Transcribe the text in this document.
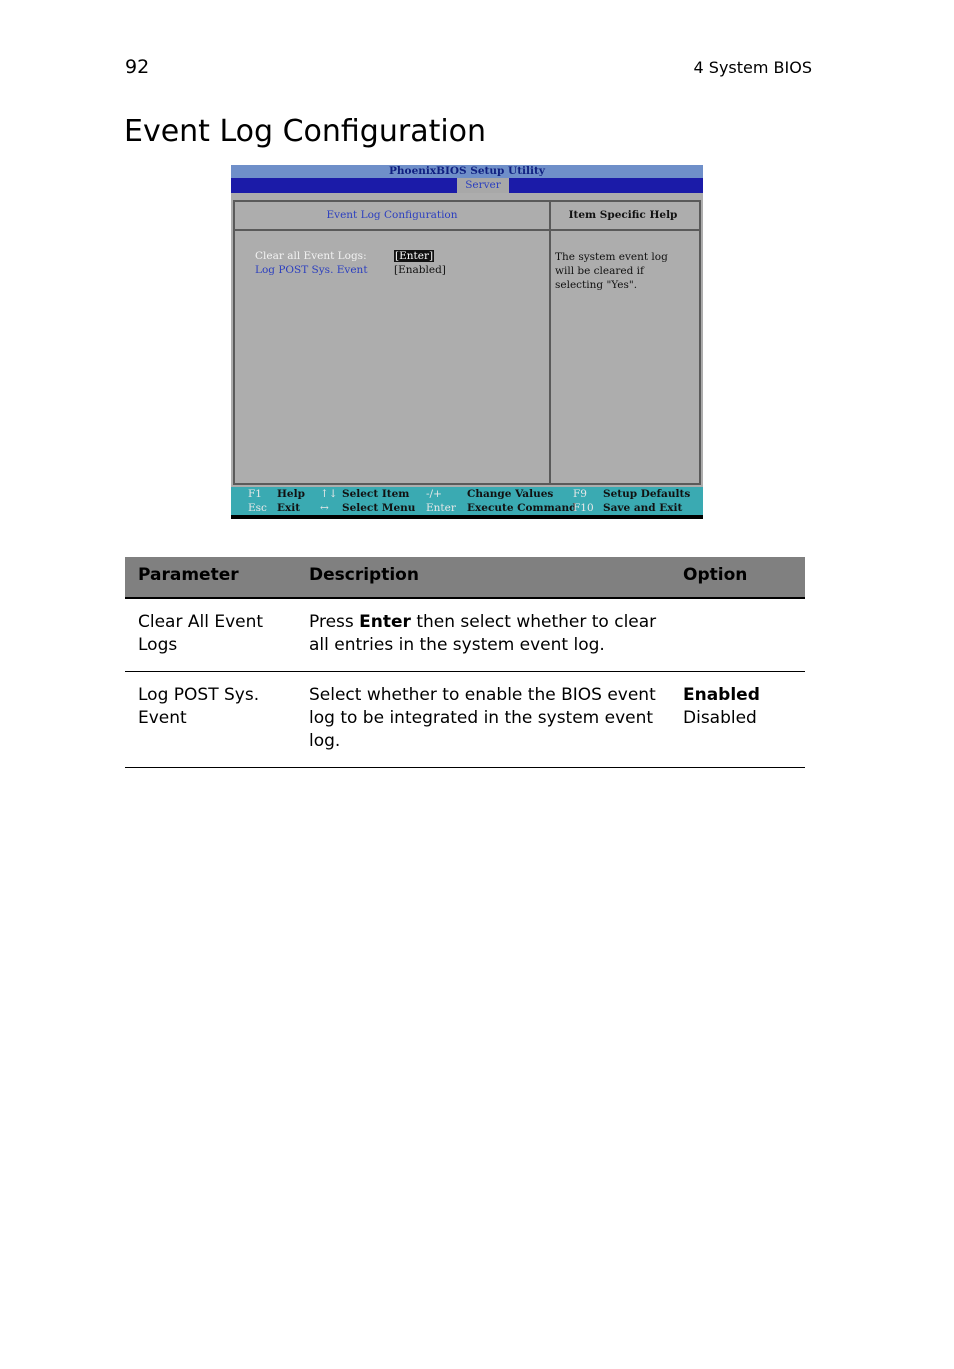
92	4 System BIOS
Event Log Configuration
PhoenixBIOS Setup Utility
Server
Event Log Configuration
Clear all Event Logs:	[Enter]
Log POST Sys. Event	[Enabled]
Item Specific Help
The system event log
will be cleared if
selecting "Yes".
F1 Help ↑↓ Select Item -/+ Change Values F9 Setup Defaults
Esc Exit ↔ Select Menu Enter Execute Command
F10 Save and Exit
Parameter	Description	Option
Clear All Event Logs	Press Enter then select whether to clear all entries in the system event log.	
Log POST Sys. Event	Select whether to enable the BIOS event log to be integrated in the system event log.	Enabled
Disabled
